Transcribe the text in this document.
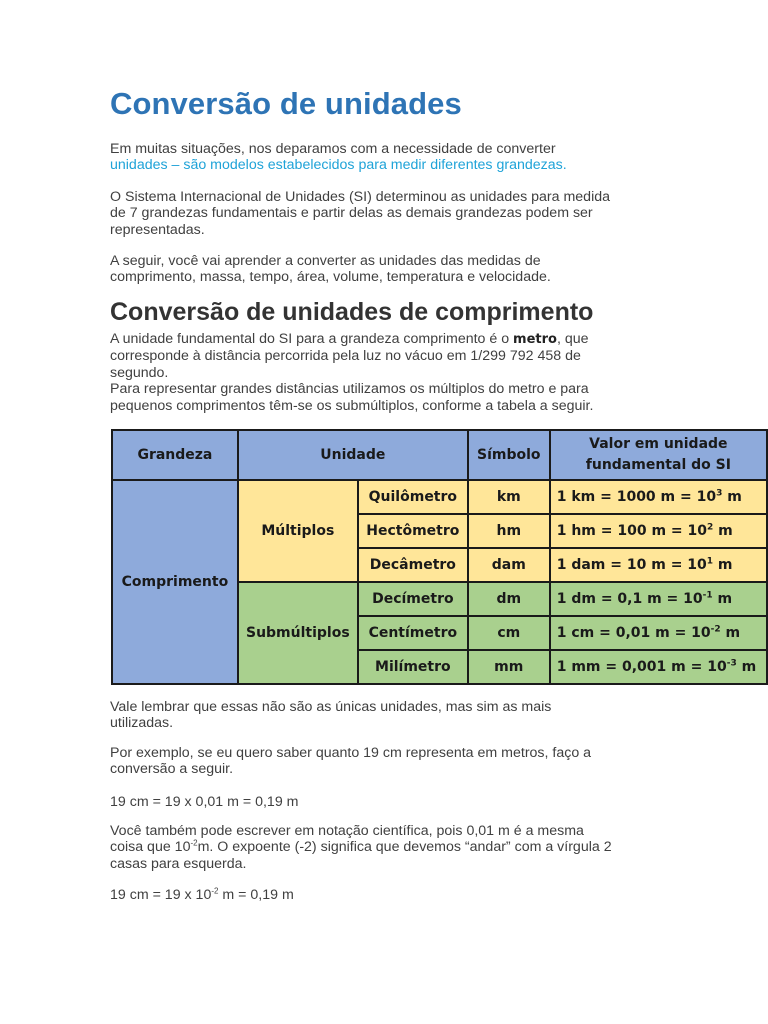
Conversão de unidades
Em muitas situações, nos deparamos com a necessidade de converter
unidades – são modelos estabelecidos para medir diferentes grandezas.
O Sistema Internacional de Unidades (SI) determinou as unidades para medida
de 7 grandezas fundamentais e partir delas as demais grandezas podem ser
representadas.
A seguir, você vai aprender a converter as unidades das medidas de
comprimento, massa, tempo, área, volume, temperatura e velocidade.
Conversão de unidades de comprimento
A unidade fundamental do SI para a grandeza comprimento é o metro, que
corresponde à distância percorrida pela luz no vácuo em 1/299 792 458 de
segundo.
Para representar grandes distâncias utilizamos os múltiplos do metro e para
pequenos comprimentos têm-se os submúltiplos, conforme a tabela a seguir.
Grandeza	Unidade		Símbolo	Valor em unidade
fundamental do SI
Comprimento	Múltiplos	Quilômetro	km	1 km = 1000 $m = 10^3$ m
		Hectômetro	hm	1 hm = 100 $m = 10^2$ m
		Decâmetro	dam	1 dam = 10 $m = 10^1$ m
	Submúltiplos	Decímetro	dm	1 dm = 0,1 $m = 10^{-1}$ m
		Centímetro	cm	1 cm = 0,01 $m = 10^{-2}$ m
		Milímetro	mm	1 mm = 0,001 $m = 10^{-3}$ m
Vale lembrar que essas não são as únicas unidades, mas sim as mais
utilizadas.
Por exemplo, se eu quero saber quanto 19 cm representa em metros, faço a
conversão a seguir.
19 cm = 19 x 0,01 m = 0,19 m
Você também pode escrever em notação científica, pois 0,01 m é a mesma
coisa que $10^{-2}m$. O expoente (-2) significa que devemos “andar” com a vírgula 2
casas para esquerda.
19 cm = 19 x $10^{-2}$ m = 0,19 m
